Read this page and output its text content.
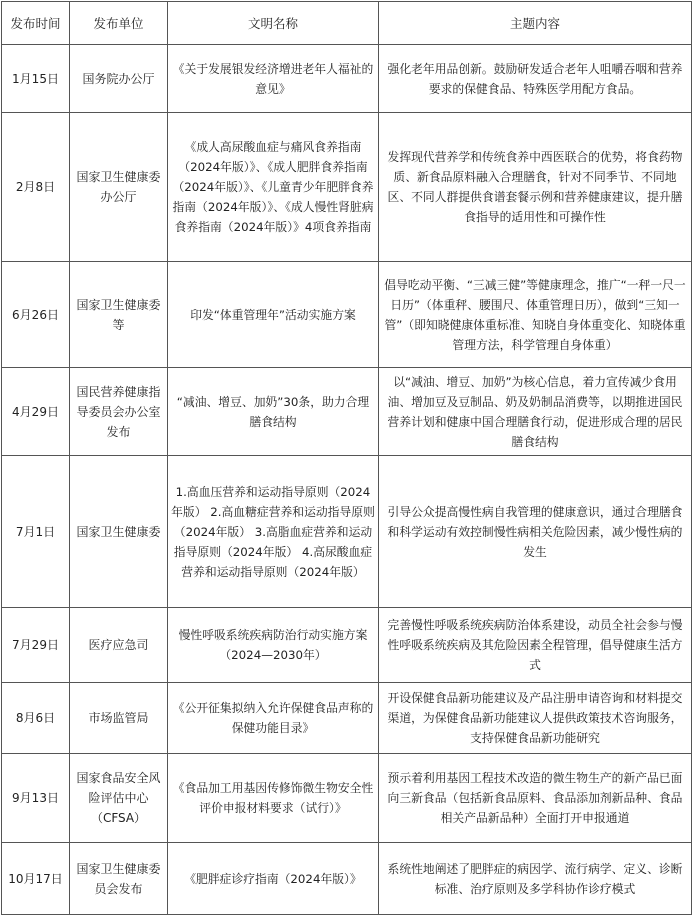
发布时间	发布单位	文明名称	主题内容
1月15日	国务院办公厅	《关于发展银发经济增进老年人福祉的意见》	强化老年用品创新。鼓励研发适合老年人咀嚼吞咽和营养要求的保健食品、特殊医学用配方食品。
2月8日	国家卫生健康委办公厅	《成人高尿酸血症与痛风食养指南（2024年版）》、《成人肥胖食养指南（2024年版）》、《儿童青少年肥胖食养指南（2024年版）》、《成人慢性肾脏病食养指南（2024年版）》4项食养指南	发挥现代营养学和传统食养中西医联合的优势，将食药物质、新食品原料融入合理膳食，针对不同季节、不同地区、不同人群提供食谱套餐示例和营养健康建议，提升膳食指导的适用性和可操作性
6月26日	国家卫生健康委等	印发“体重管理年”活动实施方案	倡导吃动平衡、“三减三健”等健康理念，推广“一秤一尺一日历”（体重秤、腰围尺、体重管理日历），做到“三知一管”（即知晓健康体重标准、知晓自身体重变化、知晓体重管理方法，科学管理自身体重）
4月29日	国民营养健康指导委员会办公室发布	“减油、增豆、加奶”30条，助力合理膳食结构	以“减油、增豆、加奶”为核心信息，着力宣传减少食用油、增加豆及豆制品、奶及奶制品消费等，以期推进国民营养计划和健康中国合理膳食行动，促进形成合理的居民膳食结构
7月1日	国家卫生健康委	1.高血压营养和运动指导原则（2024年版） 2.高血糖症营养和运动指导原则（2024年版） 3.高脂血症营养和运动指导原则（2024年版） 4.高尿酸血症营养和运动指导原则（2024年版）	引导公众提高慢性病自我管理的健康意识，通过合理膳食和科学运动有效控制慢性病相关危险因素，减少慢性病的发生
7月29日	医疗应急司	慢性呼吸系统疾病防治行动实施方案（2024—2030年）	完善慢性呼吸系统疾病防治体系建设，动员全社会参与慢性呼吸系统疾病及其危险因素全程管理，倡导健康生活方式
8月6日	市场监管局	《公开征集拟纳入允许保健食品声称的保健功能目录》	开设保健食品新功能建议及产品注册申请咨询和材料提交渠道，为保健食品新功能建议人提供政策技术咨询服务，支持保健食品新功能研究
9月13日	国家食品安全风险评估中心（CFSA）	《食品加工用基因传修饰微生物安全性评价申报材料要求（试行）》	预示着利用基因工程技术改造的微生物生产的新产品已面向三新食品（包括新食品原料、食品添加剂新品种、食品相关产品新品种）全面打开申报通道
10月17日	国家卫生健康委员会发布	《肥胖症诊疗指南（2024年版）》	系统性地阐述了肥胖症的病因学、流行病学、定义、诊断标准、治疗原则及多学科协作诊疗模式
